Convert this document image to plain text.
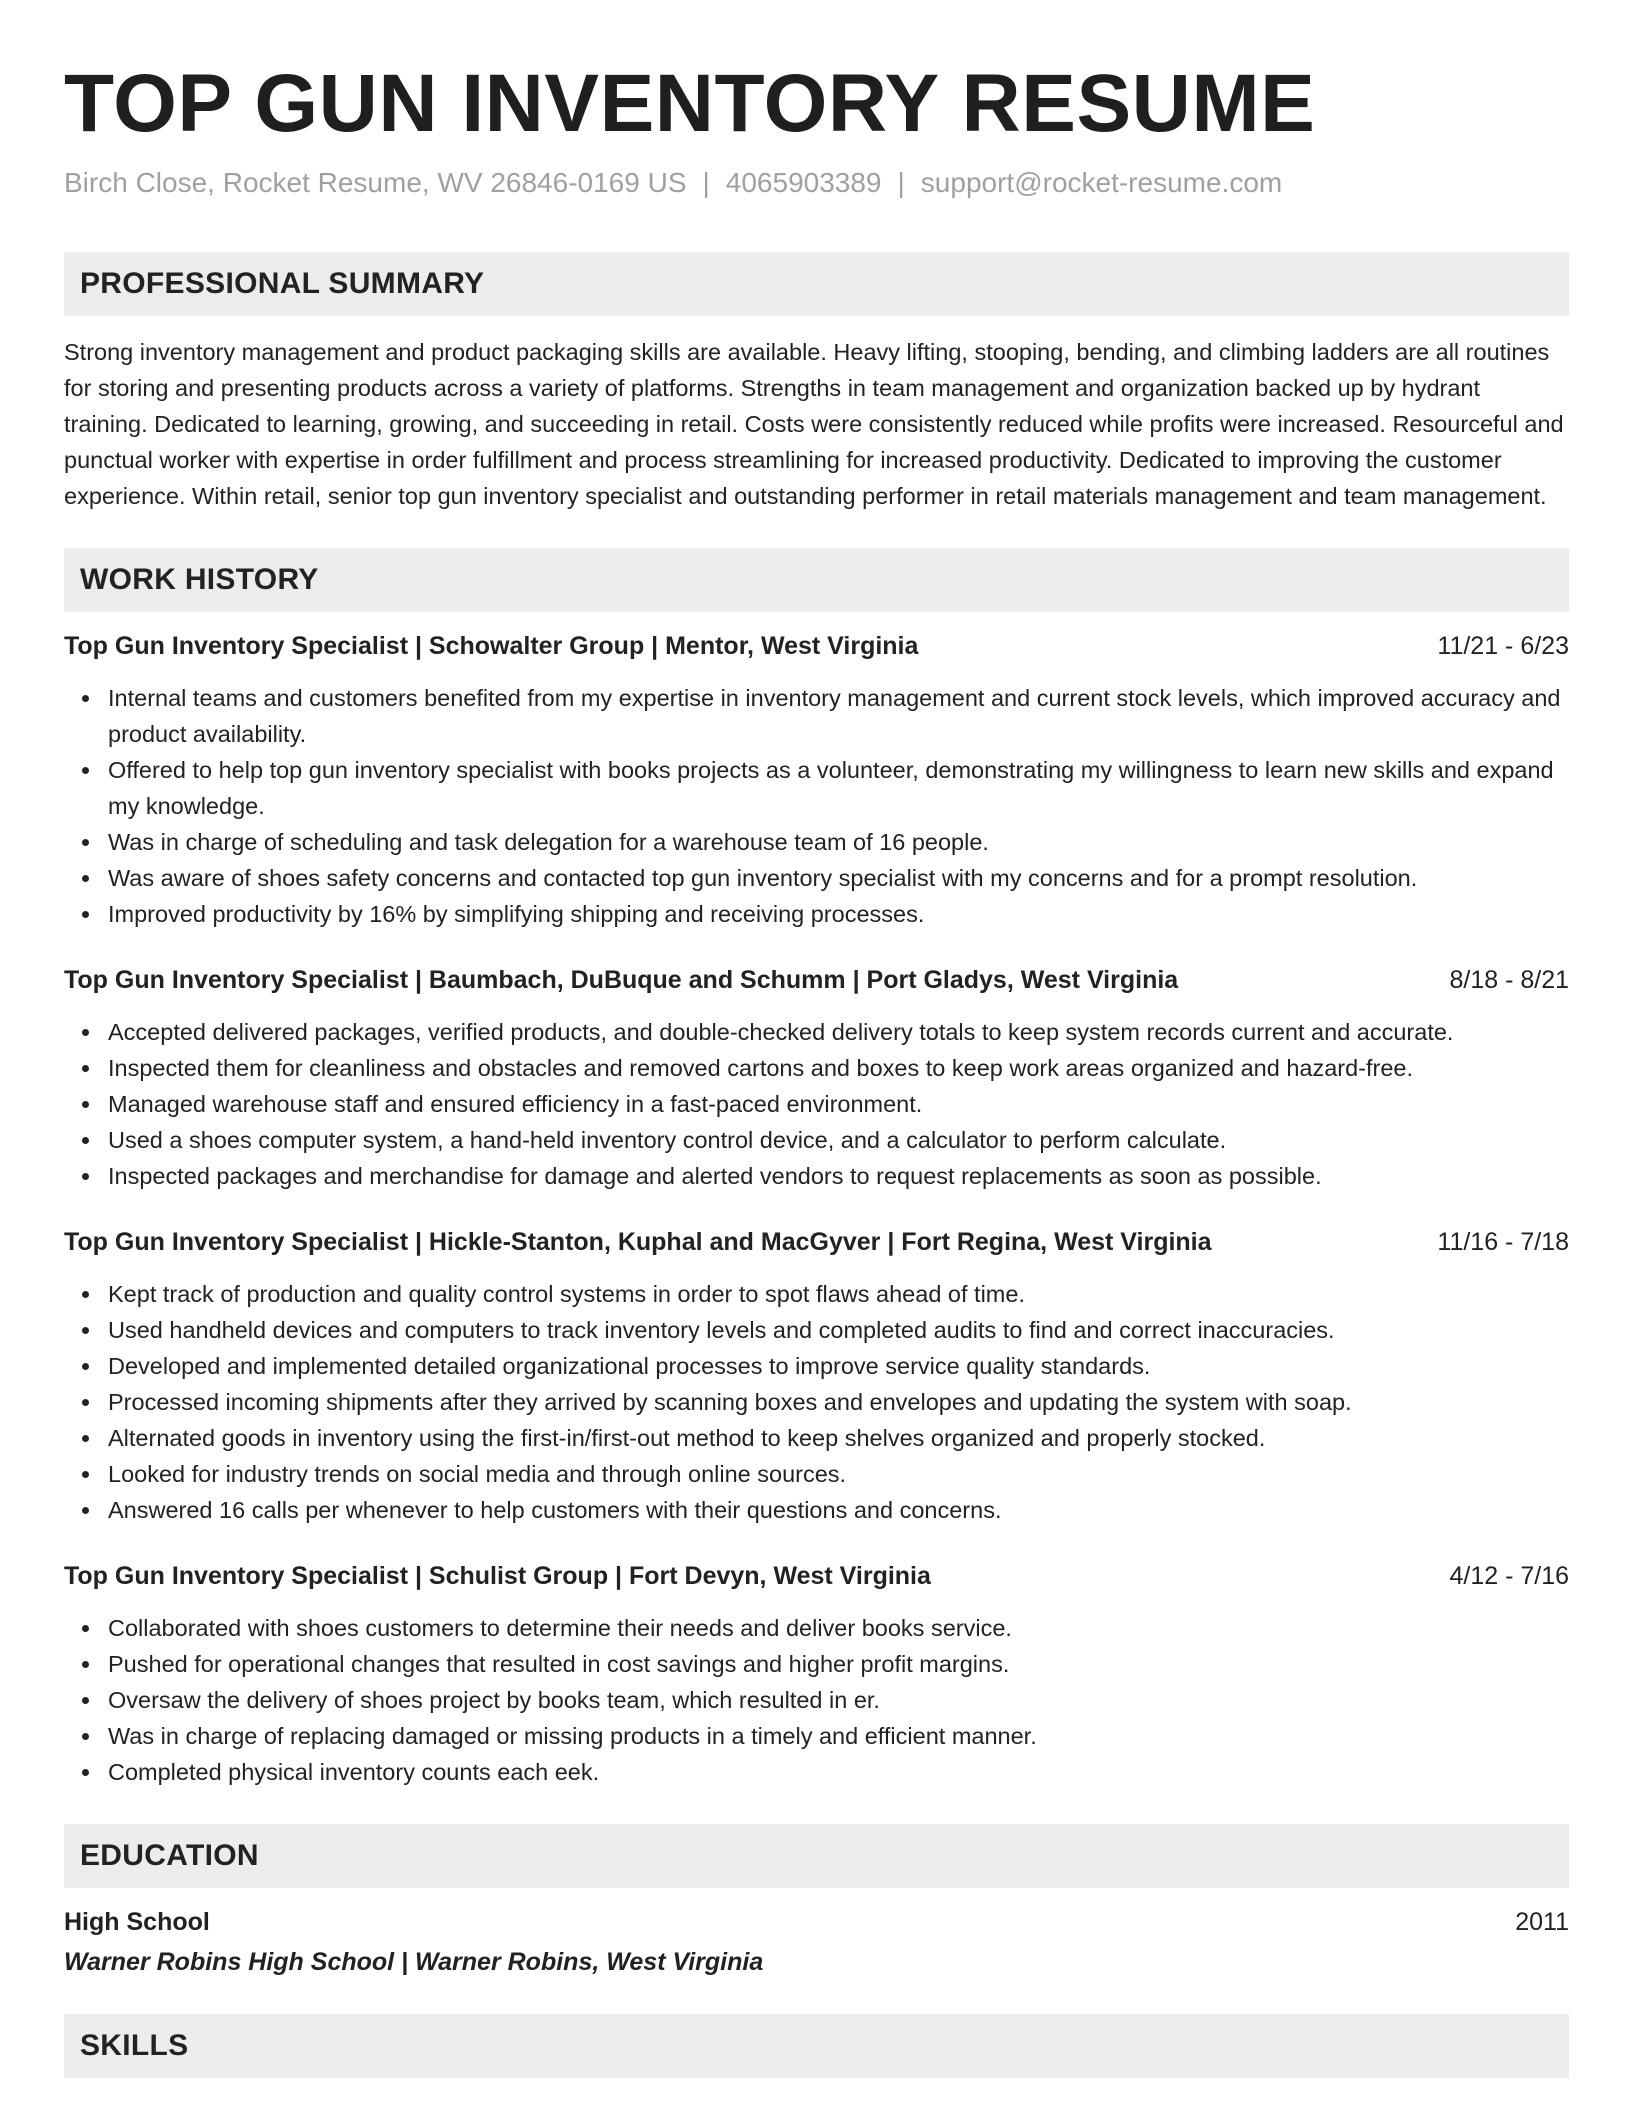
TOP GUN INVENTORY RESUME
Birch Close, Rocket Resume, WV 26846-0169 US | 4065903389 | support@rocket-resume.com
PROFESSIONAL SUMMARY

Strong inventory management and product packaging skills are available. Heavy lifting, stooping, bending, and climbing ladders are all routines for storing and presenting products across a variety of platforms. Strengths in team management and organization backed up by hydrant training. Dedicated to learning, growing, and succeeding in retail. Costs were consistently reduced while profits were increased. Resourceful and punctual worker with expertise in order fulfillment and process streamlining for increased productivity. Dedicated to improving the customer experience. Within retail, senior top gun inventory specialist and outstanding performer in retail materials management and team management.

WORK HISTORY
Top Gun Inventory Specialist | Schowalter Group | Mentor, West Virginia	11/21 - 6/23
Internal teams and customers benefited from my expertise in inventory management and current stock levels, which improved accuracy and product availability.
Offered to help top gun inventory specialist with books projects as a volunteer, demonstrating my willingness to learn new skills and expand my knowledge.
Was in charge of scheduling and task delegation for a warehouse team of 16 people.
Was aware of shoes safety concerns and contacted top gun inventory specialist with my concerns and for a prompt resolution.
Improved productivity by 16% by simplifying shipping and receiving processes.
Top Gun Inventory Specialist | Baumbach, DuBuque and Schumm | Port Gladys, West Virginia	8/18 - 8/21
Accepted delivered packages, verified products, and double-checked delivery totals to keep system records current and accurate.
Inspected them for cleanliness and obstacles and removed cartons and boxes to keep work areas organized and hazard-free.
Managed warehouse staff and ensured efficiency in a fast-paced environment.
Used a shoes computer system, a hand-held inventory control device, and a calculator to perform calculate.
Inspected packages and merchandise for damage and alerted vendors to request replacements as soon as possible.
Top Gun Inventory Specialist | Hickle-Stanton, Kuphal and MacGyver | Fort Regina, West Virginia	11/16 - 7/18
Kept track of production and quality control systems in order to spot flaws ahead of time.
Used handheld devices and computers to track inventory levels and completed audits to find and correct inaccuracies.
Developed and implemented detailed organizational processes to improve service quality standards.
Processed incoming shipments after they arrived by scanning boxes and envelopes and updating the system with soap.
Alternated goods in inventory using the first-in/first-out method to keep shelves organized and properly stocked.
Looked for industry trends on social media and through online sources.
Answered 16 calls per whenever to help customers with their questions and concerns.
Top Gun Inventory Specialist | Schulist Group | Fort Devyn, West Virginia	4/12 - 7/16
Collaborated with shoes customers to determine their needs and deliver books service.
Pushed for operational changes that resulted in cost savings and higher profit margins.
Oversaw the delivery of shoes project by books team, which resulted in er.
Was in charge of replacing damaged or missing products in a timely and efficient manner.
Completed physical inventory counts each eek.
EDUCATION
High School	2011
Warner Robins High School | Warner Robins, West Virginia
SKILLS
